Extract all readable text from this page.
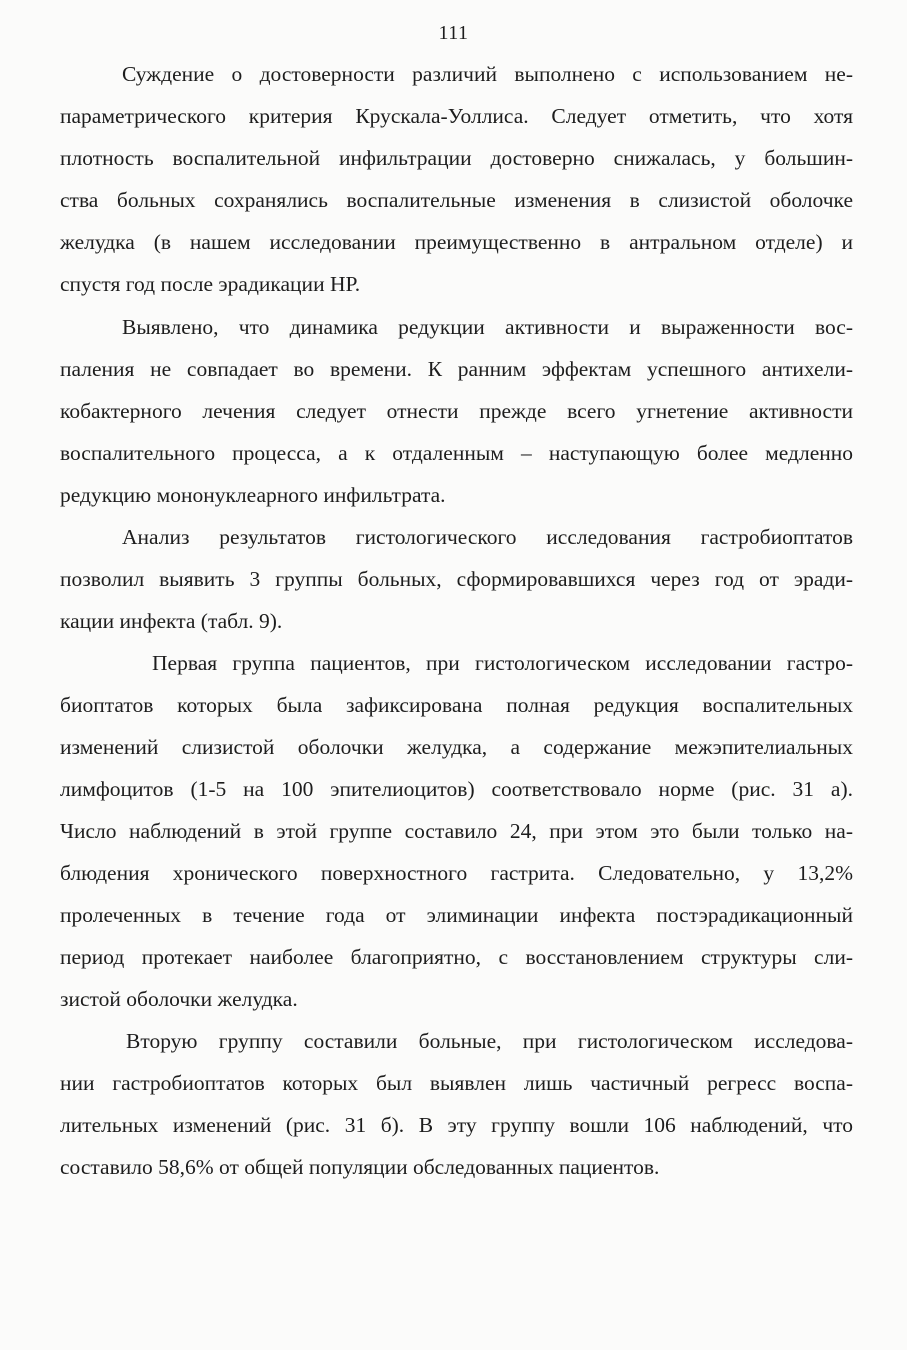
111
Суждение о достоверности различий выполнено с использованием не-
параметрического критерия Крускала-Уоллиса. Следует отметить, что хотя
плотность воспалительной инфильтрации достоверно снижалась, у большин-
ства больных сохранялись воспалительные изменения в слизистой оболочке
желудка (в нашем исследовании преимущественно в антральном отделе) и
спустя год после эрадикации НР.
Выявлено, что динамика редукции активности и выраженности вос-
паления не совпадает во времени. К ранним эффектам успешного антихели-
кобактерного лечения следует отнести прежде всего угнетение активности
воспалительного процесса, а к отдаленным – наступающую более медленно
редукцию мононуклеарного инфильтрата.
Анализ результатов гистологического исследования гастробиоптатов
позволил выявить 3 группы больных, сформировавшихся через год от эради-
кации инфекта (табл. 9).
Первая группа пациентов, при гистологическом исследовании гастро-
биоптатов которых была зафиксирована полная редукция воспалительных
изменений слизистой оболочки желудка, а содержание межэпителиальных
лимфоцитов (1-5 на 100 эпителиоцитов) соответствовало норме (рис. 31 а).
Число наблюдений в этой группе составило 24, при этом это были только на-
блюдения хронического поверхностного гастрита. Следовательно, у 13,2%
пролеченных в течение года от элиминации инфекта постэрадикационный
период протекает наиболее благоприятно, с восстановлением структуры сли-
зистой оболочки желудка.
Вторую группу составили больные, при гистологическом исследова-
нии гастробиоптатов которых был выявлен лишь частичный регресс воспа-
лительных изменений (рис. 31 б). В эту группу вошли 106 наблюдений, что
составило 58,6% от общей популяции обследованных пациентов.
